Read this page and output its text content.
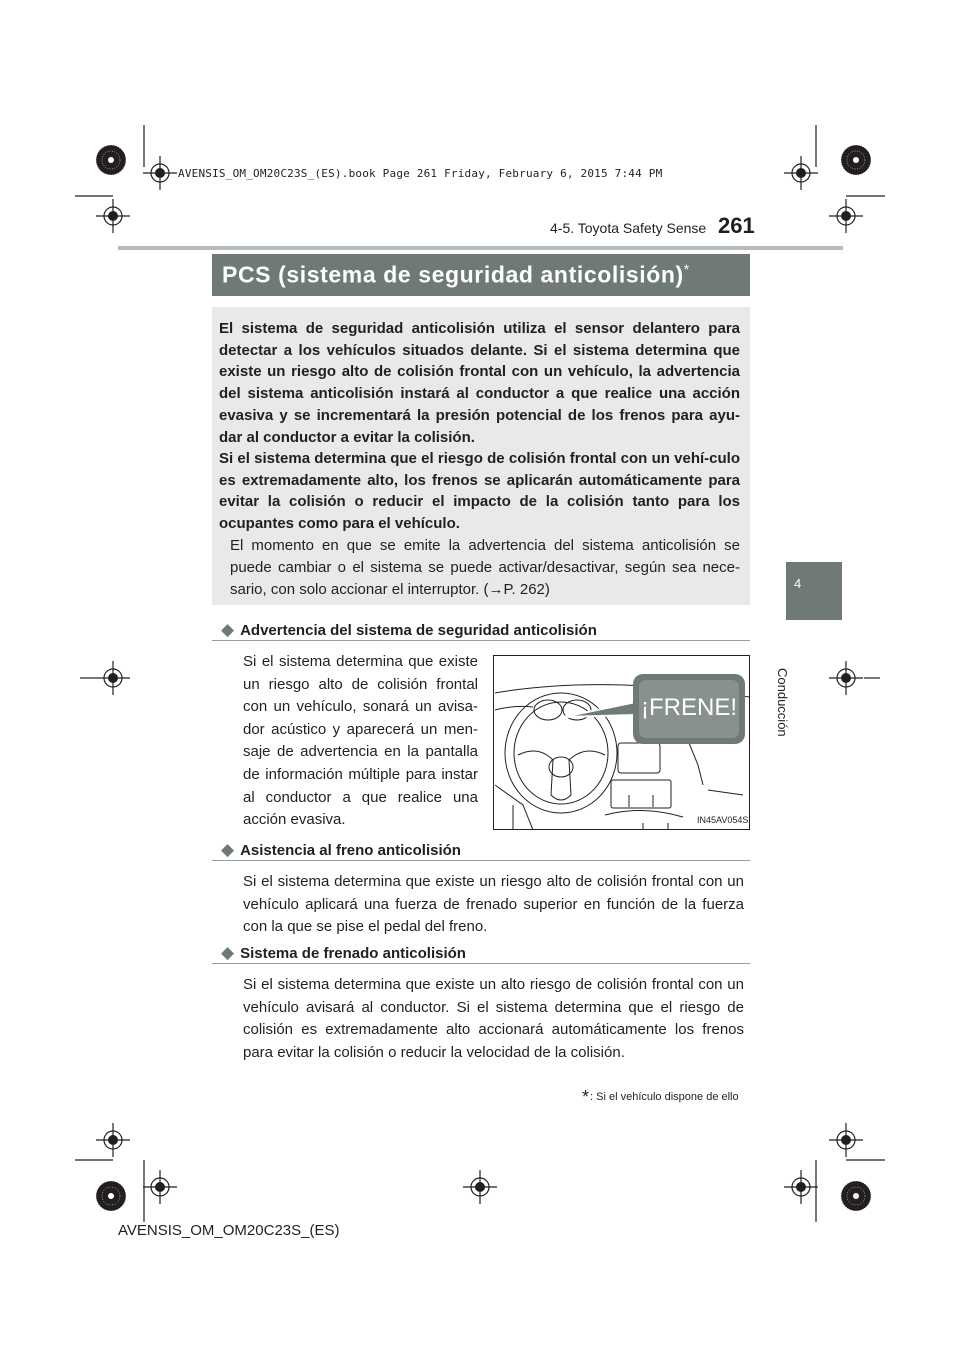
AVENSIS_OM_OM20C23S_(ES).book Page 261 Friday, February 6, 2015 7:44 PM
4-5. Toyota Safety Sense 261
4
Conducción
PCS (sistema de seguridad anticolisión)*
El sistema de seguridad anticolisión utiliza el sensor delantero para detectar a los vehículos situados delante. Si el sistema determina que existe un riesgo alto de colisión frontal con un vehículo, la advertencia del sistema anticolisión instará al conductor a que realice una acción evasiva y se incrementará la presión potencial de los frenos para ayu-dar al conductor a evitar la colisión.
Si el sistema determina que el riesgo de colisión frontal con un vehí-culo es extremadamente alto, los frenos se aplicarán automáticamente para evitar la colisión o reducir el impacto de la colisión tanto para los ocupantes como para el vehículo.
El momento en que se emite la advertencia del sistema anticolisión se puede cambiar o el sistema se puede activar/desactivar, según sea nece-sario, con solo accionar el interruptor. (→P. 262)
◆ Advertencia del sistema de seguridad anticolisión
Si el sistema determina que existe un riesgo alto de colisión frontal con un vehículo, sonará un avisa-dor acústico y aparecerá un men-saje de advertencia en la pantalla de información múltiple para instar al conductor a que realice una acción evasiva.
¡FRENE!
IN45AV054S
◆ Asistencia al freno anticolisión
Si el sistema determina que existe un riesgo alto de colisión frontal con un vehículo aplicará una fuerza de frenado superior en función de la fuerza con la que se pise el pedal del freno.
◆ Sistema de frenado anticolisión
Si el sistema determina que existe un alto riesgo de colisión frontal con un vehículo avisará al conductor. Si el sistema determina que el riesgo de colisión es extremadamente alto accionará automáticamente los frenos para evitar la colisión o reducir la velocidad de la colisión.
*: Si el vehículo dispone de ello
AVENSIS_OM_OM20C23S_(ES)
